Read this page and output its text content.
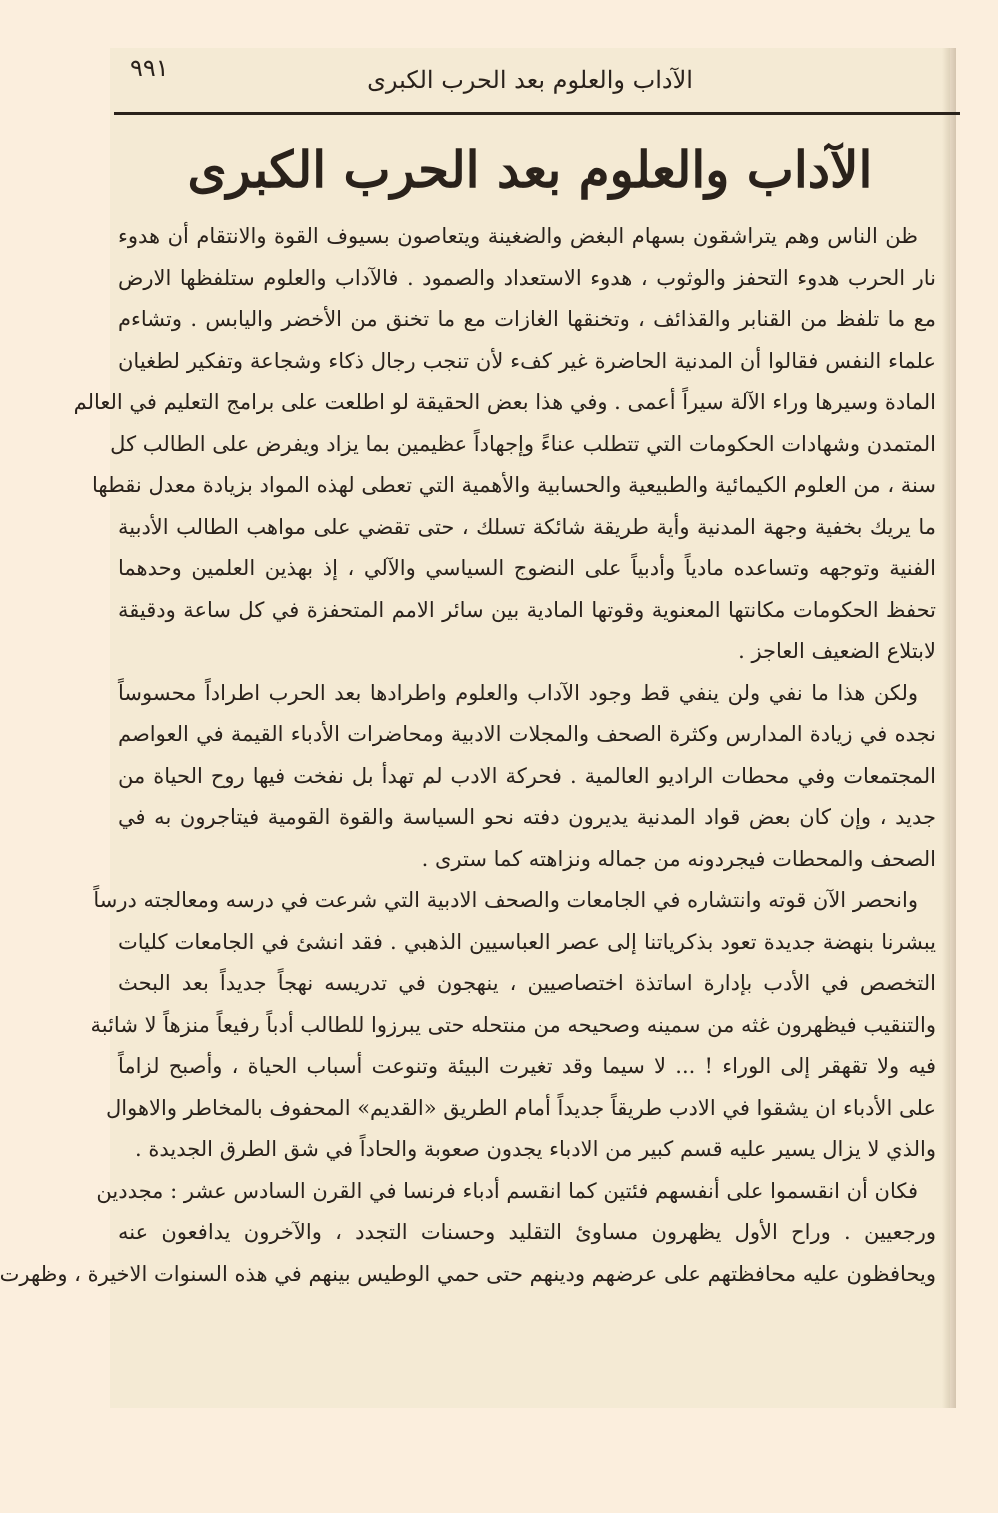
الآداب والعلوم بعد الحرب الكبرى
٩٩١
الآداب والعلوم بعد الحرب الكبرى
ظن الناس وهم يتراشقون بسهام البغض والضغينة ويتعاصون بسيوف القوة والانتقام أن هدوء
نار الحرب هدوء التحفز والوثوب ، هدوء الاستعداد والصمود . فالآداب والعلوم ستلفظها الارض
مع ما تلفظ من القنابر والقذائف ، وتخنقها الغازات مع ما تخنق من الأخضر واليابس . وتشاءم
علماء النفس فقالوا أن المدنية الحاضرة غير كفء لأن تنجب رجال ذكاء وشجاعة وتفكير لطغيان
المادة وسيرها وراء الآلة سيراً أعمى . وفي هذا بعض الحقيقة لو اطلعت على برامج التعليم في العالم
المتمدن وشهادات الحكومات التي تتطلب عناءً وإجهاداً عظيمين بما يزاد ويفرض على الطالب كل
سنة ، من العلوم الكيمائية والطبيعية والحسابية والأهمية التي تعطى لهذه المواد بزيادة معدل نقطها
ما يريك بخفية وجهة المدنية وأية طريقة شائكة تسلك ، حتى تقضي على مواهب الطالب الأدبية
الفنية وتوجهه وتساعده مادياً وأدبياً على النضوج السياسي والآلي ، إذ بهذين العلمين وحدهما
تحفظ الحكومات مكانتها المعنوية وقوتها المادية بين سائر الامم المتحفزة في كل ساعة ودقيقة
لابتلاع الضعيف العاجز .
ولكن هذا ما نفي ولن ينفي قط وجود الآداب والعلوم واطرادها بعد الحرب اطراداً محسوساً
نجده في زيادة المدارس وكثرة الصحف والمجلات الادبية ومحاضرات الأدباء القيمة في العواصم
المجتمعات وفي محطات الراديو العالمية . فحركة الادب لم تهدأ بل نفخت فيها روح الحياة من
جديد ، وإن كان بعض قواد المدنية يديرون دفته نحو السياسة والقوة القومية فيتاجرون به في
الصحف والمحطات فيجردونه من جماله ونزاهته كما سترى .
وانحصر الآن قوته وانتشاره في الجامعات والصحف الادبية التي شرعت في درسه ومعالجته درساً
يبشرنا بنهضة جديدة تعود بذكرياتنا إلى عصر العباسيين الذهبي . فقد انشئ في الجامعات كليات
التخصص في الأدب بإدارة اساتذة اختصاصيين ، ينهجون في تدريسه نهجاً جديداً بعد البحث
والتنقيب فيظهرون غثه من سمينه وصحيحه من منتحله حتى يبرزوا للطالب أدباً رفيعاً منزهاً لا شائبة
فيه ولا تقهقر إلى الوراء ! ... لا سيما وقد تغيرت البيئة وتنوعت أسباب الحياة ، وأصبح لزاماً
على الأدباء ان يشقوا في الادب طريقاً جديداً أمام الطريق «القديم» المحفوف بالمخاطر والاهوال
والذي لا يزال يسير عليه قسم كبير من الادباء يجدون صعوبة والحاداً في شق الطرق الجديدة .
فكان أن انقسموا على أنفسهم فئتين كما انقسم أدباء فرنسا في القرن السادس عشر : مجددين
ورجعيين . وراح الأول يظهرون مساوئ التقليد وحسنات التجدد ، والآخرون يدافعون عنه
ويحافظون عليه محافظتهم على عرضهم ودينهم حتى حمي الوطيس بينهم في هذه السنوات الاخيرة ، وظهرت
